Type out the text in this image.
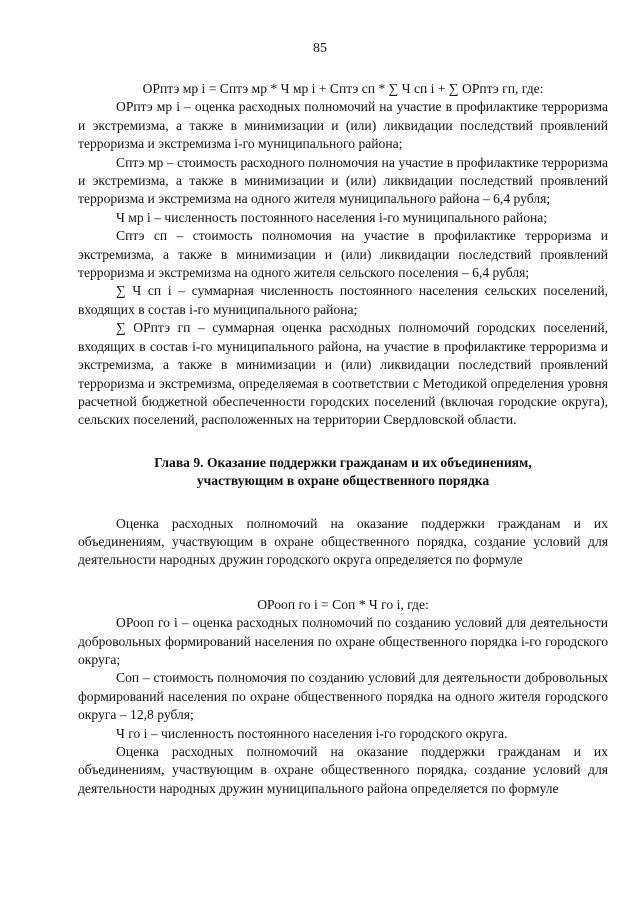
85

ОРптэ мр i = Сптэ мр * Ч мр i + Сптэ сп * ∑ Ч сп i + ∑ ОРптэ гп, где:

ОРптэ мр i – оценка расходных полномочий на участие в профилактике терроризма и экстремизма, а также в минимизации и (или) ликвидации последствий проявлений терроризма и экстремизма i-го муниципального района;

Сптэ мр – стоимость расходного полномочия на участие в профилактике терроризма и экстремизма, а также в минимизации и (или) ликвидации последствий проявлений терроризма и экстремизма на одного жителя муниципального района – 6,4 рубля;

Ч мр i – численность постоянного населения i-го муниципального района;

Сптэ сп – стоимость полномочия на участие в профилактике терроризма и экстремизма, а также в минимизации и (или) ликвидации последствий проявлений терроризма и экстремизма на одного жителя сельского поселения – 6,4 рубля;

∑ Ч сп i – суммарная численность постоянного населения сельских поселений, входящих в состав i-го муниципального района;

∑ ОРптэ гп – суммарная оценка расходных полномочий городских поселений, входящих в состав i-го муниципального района, на участие в профилактике терроризма и экстремизма, а также в минимизации и (или) ликвидации последствий проявлений терроризма и экстремизма, определяемая в соответствии с Методикой определения уровня расчетной бюджетной обеспеченности городских поселений (включая городские округа), сельских поселений, расположенных на территории Свердловской области.

Глава 9. Оказание поддержки гражданам и их объединениям,
участвующим в охране общественного порядка

Оценка расходных полномочий на оказание поддержки гражданам и их объединениям, участвующим в охране общественного порядка, создание условий для деятельности народных дружин городского округа определяется по формуле

ОРооп го i = Соп * Ч го i, где:

ОРооп го i – оценка расходных полномочий по созданию условий для деятельности добровольных формирований населения по охране общественного порядка i-го городского округа;

Cоп – стоимость полномочия по созданию условий для деятельности добровольных формирований населения по охране общественного порядка на одного жителя городского округа – 12,8 рубля;

Ч го i – численность постоянного населения i-го городского округа.

Оценка расходных полномочий на оказание поддержки гражданам и их объединениям, участвующим в охране общественного порядка, создание условий для деятельности народных дружин муниципального района определяется по формуле
